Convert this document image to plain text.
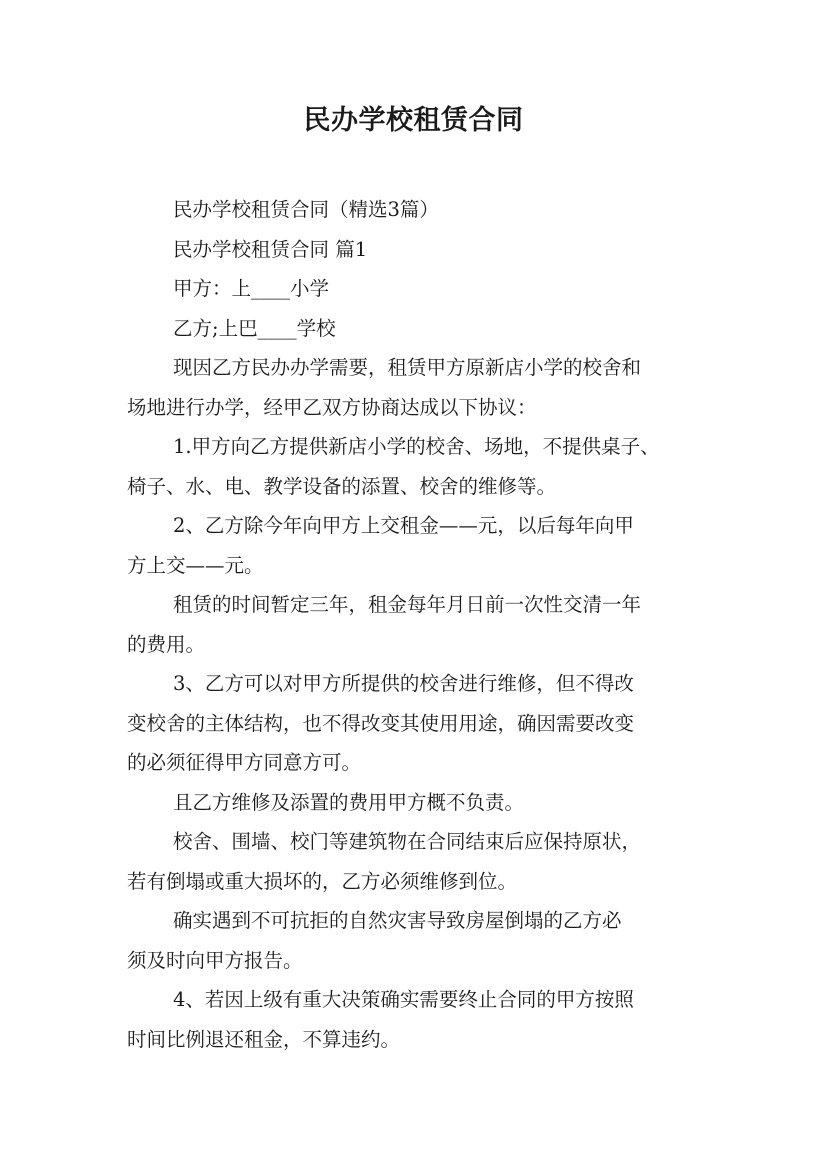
民办学校租赁合同

民办学校租赁合同（精选3篇）

民办学校租赁合同 篇1

甲方：上____小学

乙方;上巴____学校

现因乙方民办办学需要，租赁甲方原新店小学的校舍和

场地进行办学，经甲乙双方协商达成以下协议：

1.甲方向乙方提供新店小学的校舍、场地，不提供桌子、

椅子、水、电、教学设备的添置、校舍的维修等。

2、乙方除今年向甲方上交租金——元，以后每年向甲

方上交——元。

租赁的时间暂定三年，租金每年月日前一次性交清一年

的费用。

3、乙方可以对甲方所提供的校舍进行维修，但不得改

变校舍的主体结构，也不得改变其使用用途，确因需要改变

的必须征得甲方同意方可。

且乙方维修及添置的费用甲方概不负责。

校舍、围墙、校门等建筑物在合同结束后应保持原状，

若有倒塌或重大损坏的，乙方必须维修到位。

确实遇到不可抗拒的自然灾害导致房屋倒塌的乙方必

须及时向甲方报告。

4、若因上级有重大决策确实需要终止合同的甲方按照

时间比例退还租金，不算违约。
